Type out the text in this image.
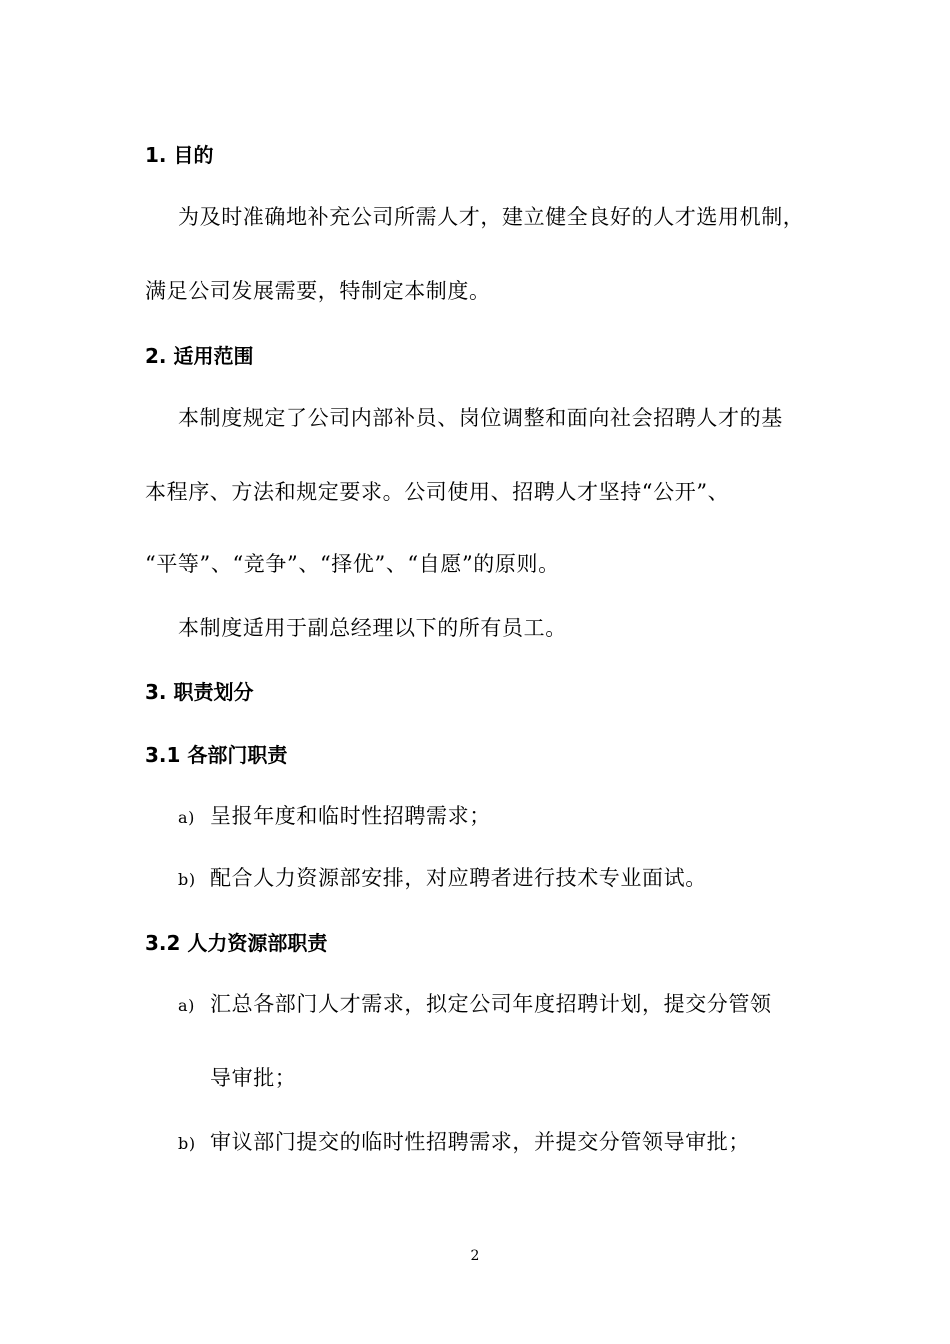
1. 目的
为及时准确地补充公司所需人才，建立健全良好的人才选用机制，
满足公司发展需要，特制定本制度。
2. 适用范围
本制度规定了公司内部补员、岗位调整和面向社会招聘人才的基
本程序、方法和规定要求。公司使用、招聘人才坚持“公开”、
“平等”、“竞争”、“择优”、“自愿”的原则。
本制度适用于副总经理以下的所有员工。
3. 职责划分
3.1 各部门职责
a) 呈报年度和临时性招聘需求；
b) 配合人力资源部安排，对应聘者进行技术专业面试。
3.2 人力资源部职责
a) 汇总各部门人才需求，拟定公司年度招聘计划，提交分管领
导审批；
b) 审议部门提交的临时性招聘需求，并提交分管领导审批；
2
